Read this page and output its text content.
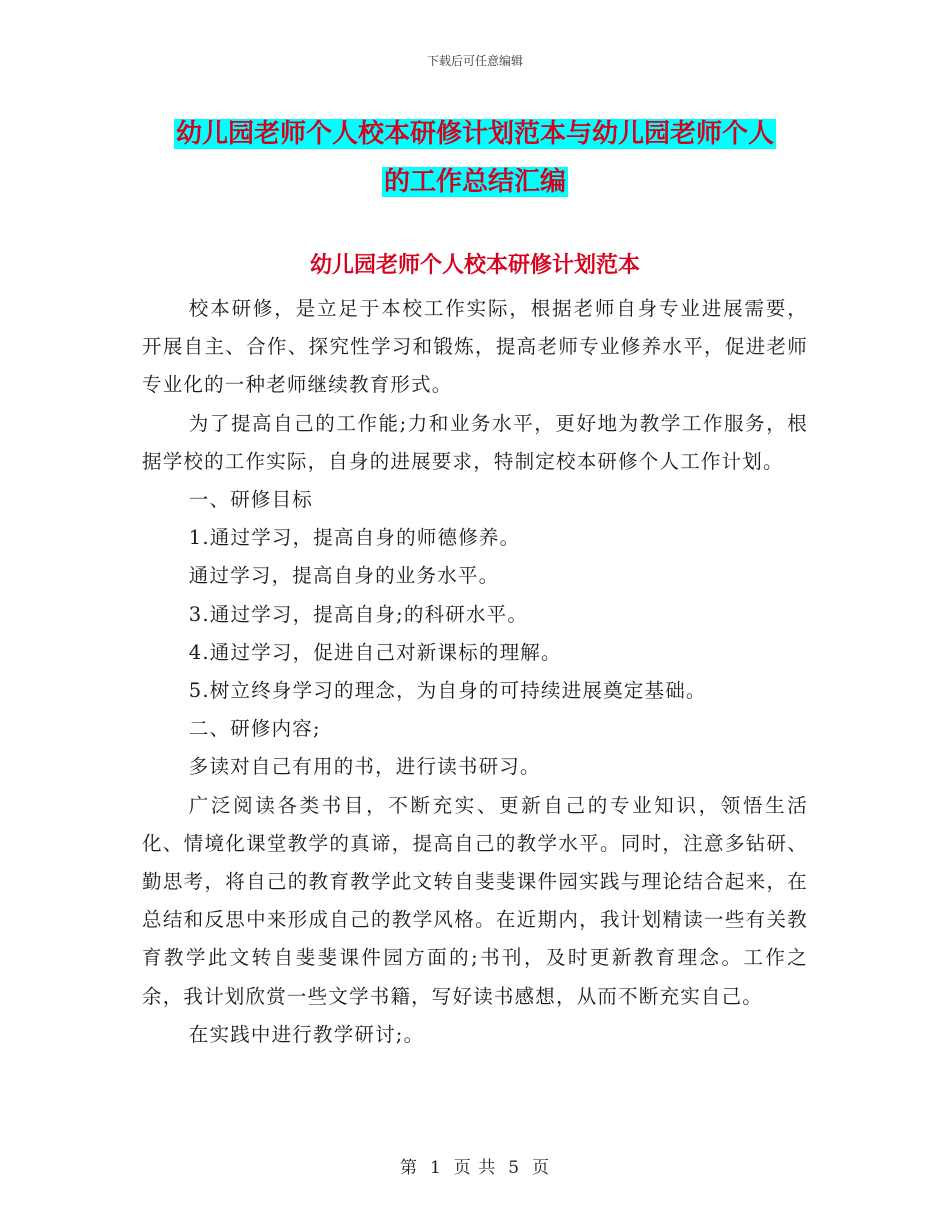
下载后可任意编辑
幼儿园老师个人校本研修计划范本与幼儿园老师个人
的工作总结汇编
幼儿园老师个人校本研修计划范本

校本研修，是立足于本校工作实际，根据老师自身专业进展需要，开展自主、合作、探究性学习和锻炼，提高老师专业修养水平，促进老师专业化的一种老师继续教育形式。

为了提高自己的工作能;力和业务水平，更好地为教学工作服务，根据学校的工作实际，自身的进展要求，特制定校本研修个人工作计划。

一、研修目标

1.通过学习，提高自身的师德修养。

通过学习，提高自身的业务水平。

3.通过学习，提高自身;的科研水平。

4.通过学习，促进自己对新课标的理解。

5.树立终身学习的理念，为自身的可持续进展奠定基础。

二、研修内容;

多读对自己有用的书，进行读书研习。

广泛阅读各类书目，不断充实、更新自己的专业知识，领悟生活化、情境化课堂教学的真谛，提高自己的教学水平。同时，注意多钻研、勤思考，将自己的教育教学此文转自斐斐课件园实践与理论结合起来，在总结和反思中来形成自己的教学风格。在近期内，我计划精读一些有关教育教学此文转自斐斐课件园方面的;书刊，及时更新教育理念。工作之余，我计划欣赏一些文学书籍，写好读书感想，从而不断充实自己。

在实践中进行教学研讨;。

第 1 页 共 5 页
